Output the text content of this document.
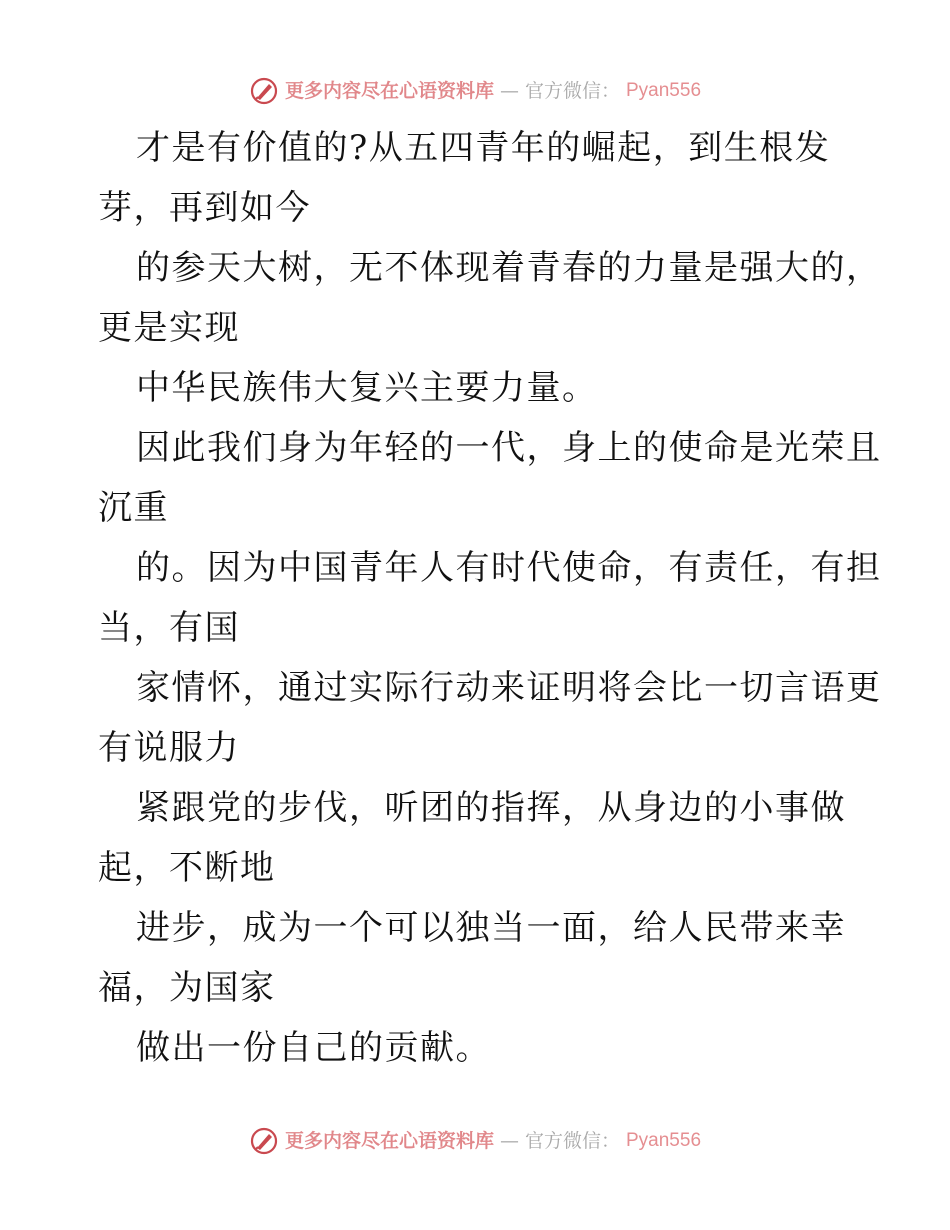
更多内容尽在心语资料库 — 官方微信： Pyan556
才是有价值的?从五四青年的崛起，到生根发
芽，再到如今
的参天大树，无不体现着青春的力量是强大的，
更是实现
中华民族伟大复兴主要力量。
因此我们身为年轻的一代，身上的使命是光荣且
沉重
的。因为中国青年人有时代使命，有责任，有担
当，有国
家情怀，通过实际行动来证明将会比一切言语更
有说服力
紧跟党的步伐，听团的指挥，从身边的小事做
起，不断地
进步，成为一个可以独当一面，给人民带来幸
福，为国家
做出一份自己的贡献。
更多内容尽在心语资料库 — 官方微信： Pyan556
